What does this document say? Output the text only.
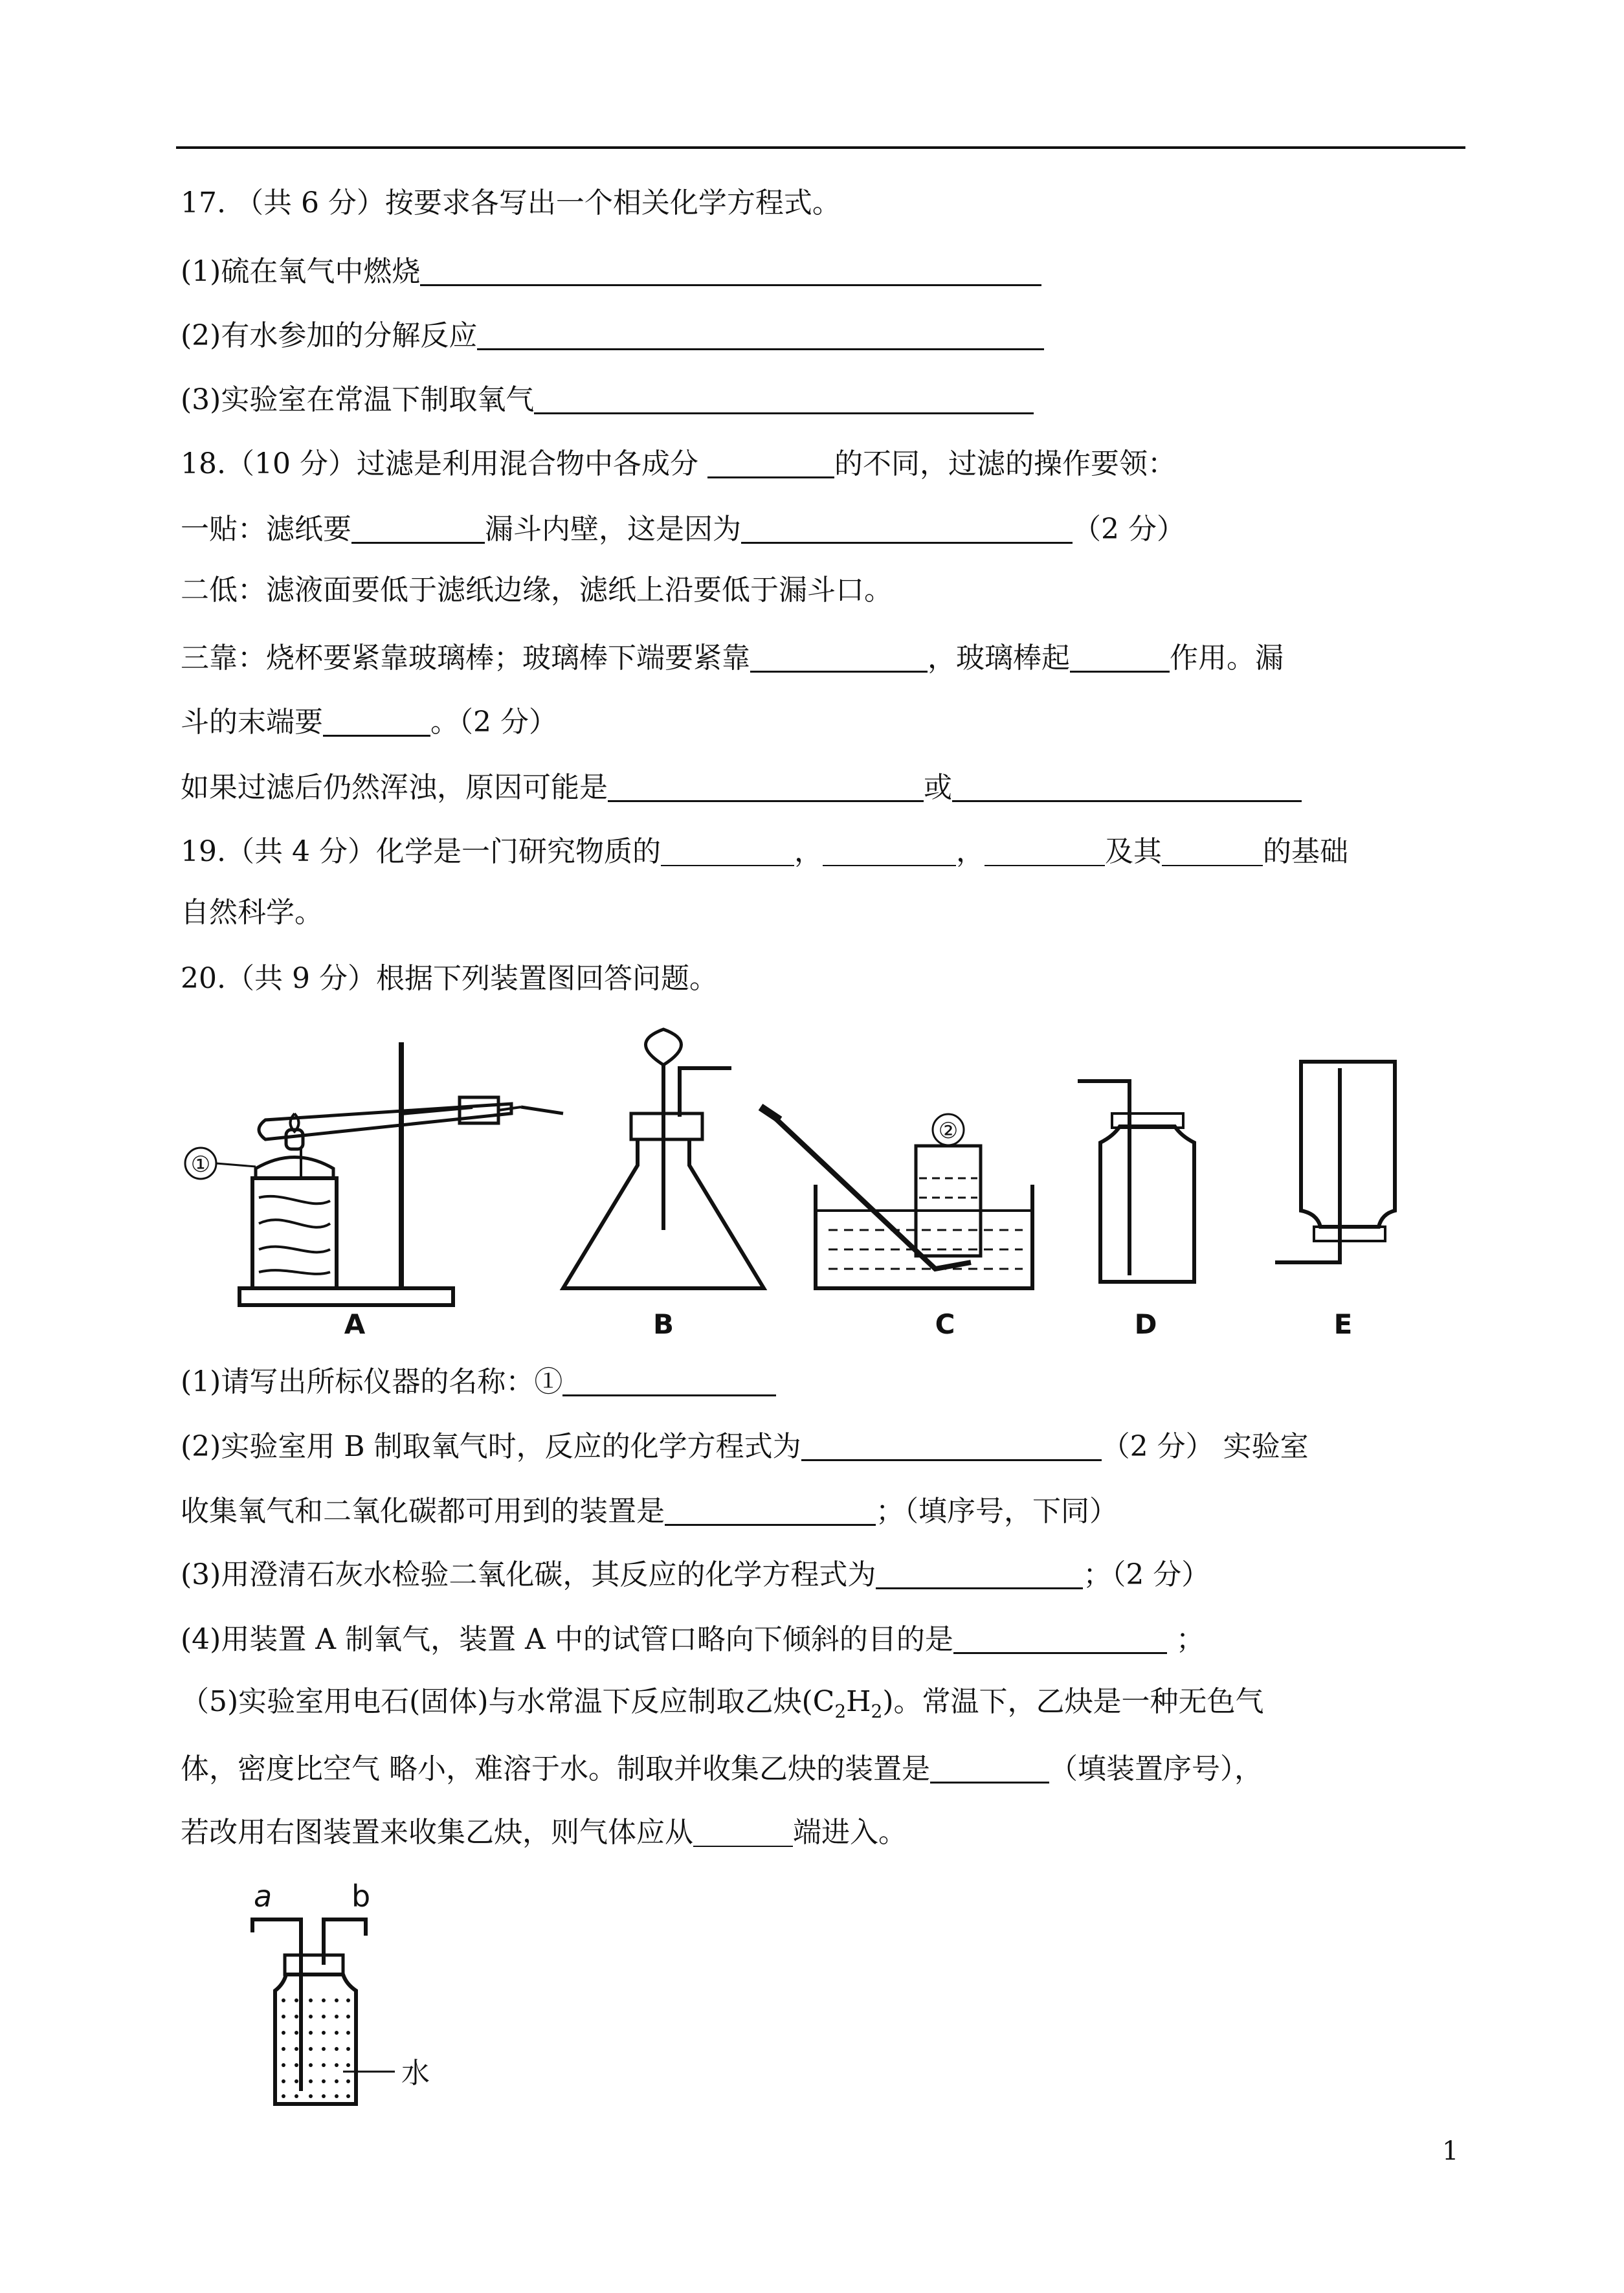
17. （共 6 分）按要求各写出一个相关化学方程式。
(1)硫在氧气中燃烧
(2)有水参加的分解反应
(3)实验室在常温下制取氧气
18.（10 分）过滤是利用混合物中各成分	的不同，过滤的操作要领：
一贴：滤纸要	漏斗内壁，这是因为	（2 分）
二低：滤液面要低于滤纸边缘，滤纸上沿要低于漏斗口。
三靠：烧杯要紧靠玻璃棒；玻璃棒下端要紧靠	，玻璃棒起	作用。漏
斗的末端要	。（2 分）
如果过滤后仍然浑浊，原因可能是	或
19.（共 4 分）化学是一门研究物质的	，	，	及其	的基础
自然科学。
20.（共 9 分）根据下列装置图回答问题。
①
A	B
②
C	D	E
(1)请写出所标仪器的名称：①
(2)实验室用 B 制取氧气时，反应的化学方程式为	（2 分） 实验室
收集氧气和二氧化碳都可用到的装置是	；（填序号，下同）
(3)用澄清石灰水检验二氧化碳，其反应的化学方程式为	；（2 分）
(4)用装置 A 制氧气，装置 A 中的试管口略向下倾斜的目的是	；
（5)实验室用电石(固体)与水常温下反应制取乙炔$(C_2H_2)$。常温下，乙炔是一种无色气
体，密度比空气 略小，难溶于水。制取并收集乙炔的装置是	（填装置序号），
若改用右图装置来收集乙炔，则气体应从	端进入。
a	b
水
1
